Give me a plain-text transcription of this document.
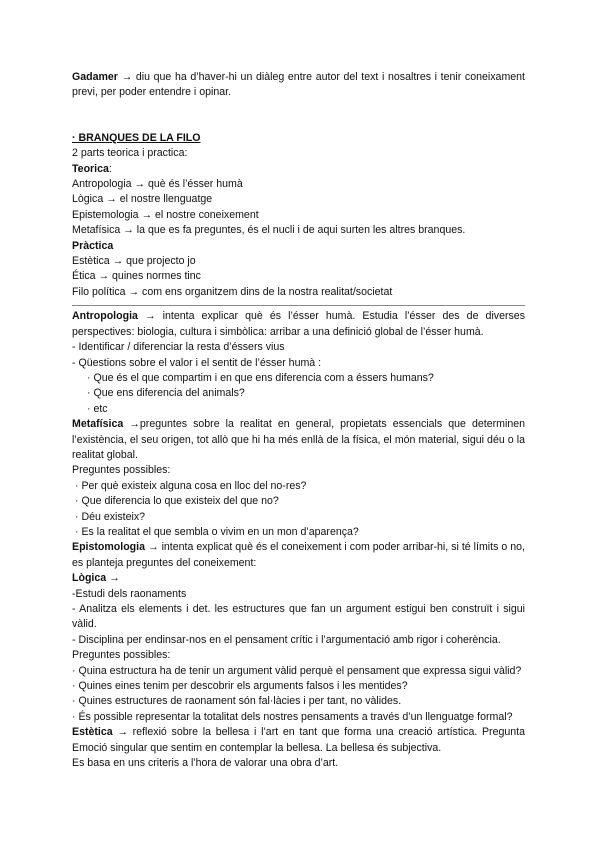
Gadamer → diu que ha d’haver-hi un diàleg entre autor del text i nosaltres i tenir coneixament previ, per poder entendre i opinar.

· BRANQUES DE LA FILO

2 parts teorica i practica:

Teorica:

Antropologia → què és l’ésser humà

Lògica → el nostre llenguatge

Epistemologia → el nostre coneixement

Metafísica → la que es fa preguntes, és el nucli i de aqui surten les altres branques.

Pràctica

Estètica → que projecto jo

Ética → quines normes tinc

Filo política → com ens organitzem dins de la nostra realitat/societat

Antropologia → intenta explicar què és l’ésser humà. Estudia l’ésser des de diverses perspectives: biologia, cultura i simbòlica: arribar a una definició global de l’ésser humà.

- Identificar / diferenciar la resta d’éssers vius

- Qüestions sobre el valor i el sentit de l’ésser humà :

· Que és el que compartim i en que ens diferencia com a éssers humans?

· Que ens diferencia del animals?

· etc

Metafísica →preguntes sobre la realitat en general, propietats essencials que determinen l’existència, el seu origen, tot allò que hi ha més enllà de la física, el món material, sigui déu o la realitat global.

Preguntes possibles:

· Per què existeix alguna cosa en lloc del no-res?

· Que diferencia lo que existeix del que no?

· Déu existeix?

· Es la realitat el que sembla o vivim en un mon d’aparença?

Epistomologia → intenta explicat què és el coneixement i com poder arribar-hi, si té límits o no, es planteja preguntes del coneixement:

Lògica →

-Estudi dels raonaments

- Analitza els elements i det. les estructures que fan un argument estigui ben construït i sigui vàlid.

- Disciplina per endinsar-nos en el pensament crític i l’argumentació amb rigor i coherència.

Preguntes possibles:

· Quina estructura ha de tenir un argument vàlid perquè el pensament que expressa sigui vàlid?

· Quines eines tenim per descobrir els arguments falsos i les mentides?

· Quines estructures de raonament són fal·làcies i per tant, no vàlides.

· És possible representar la totalitat dels nostres pensaments a través d’un llenguatge formal?

Estètica → reflexió sobre la bellesa i l’art en tant que forma una creació artística. Pregunta Emoció singular que sentim en contemplar la bellesa. La bellesa és subjectiva.

Es basa en uns criteris a l’hora de valorar una obra d’art.
